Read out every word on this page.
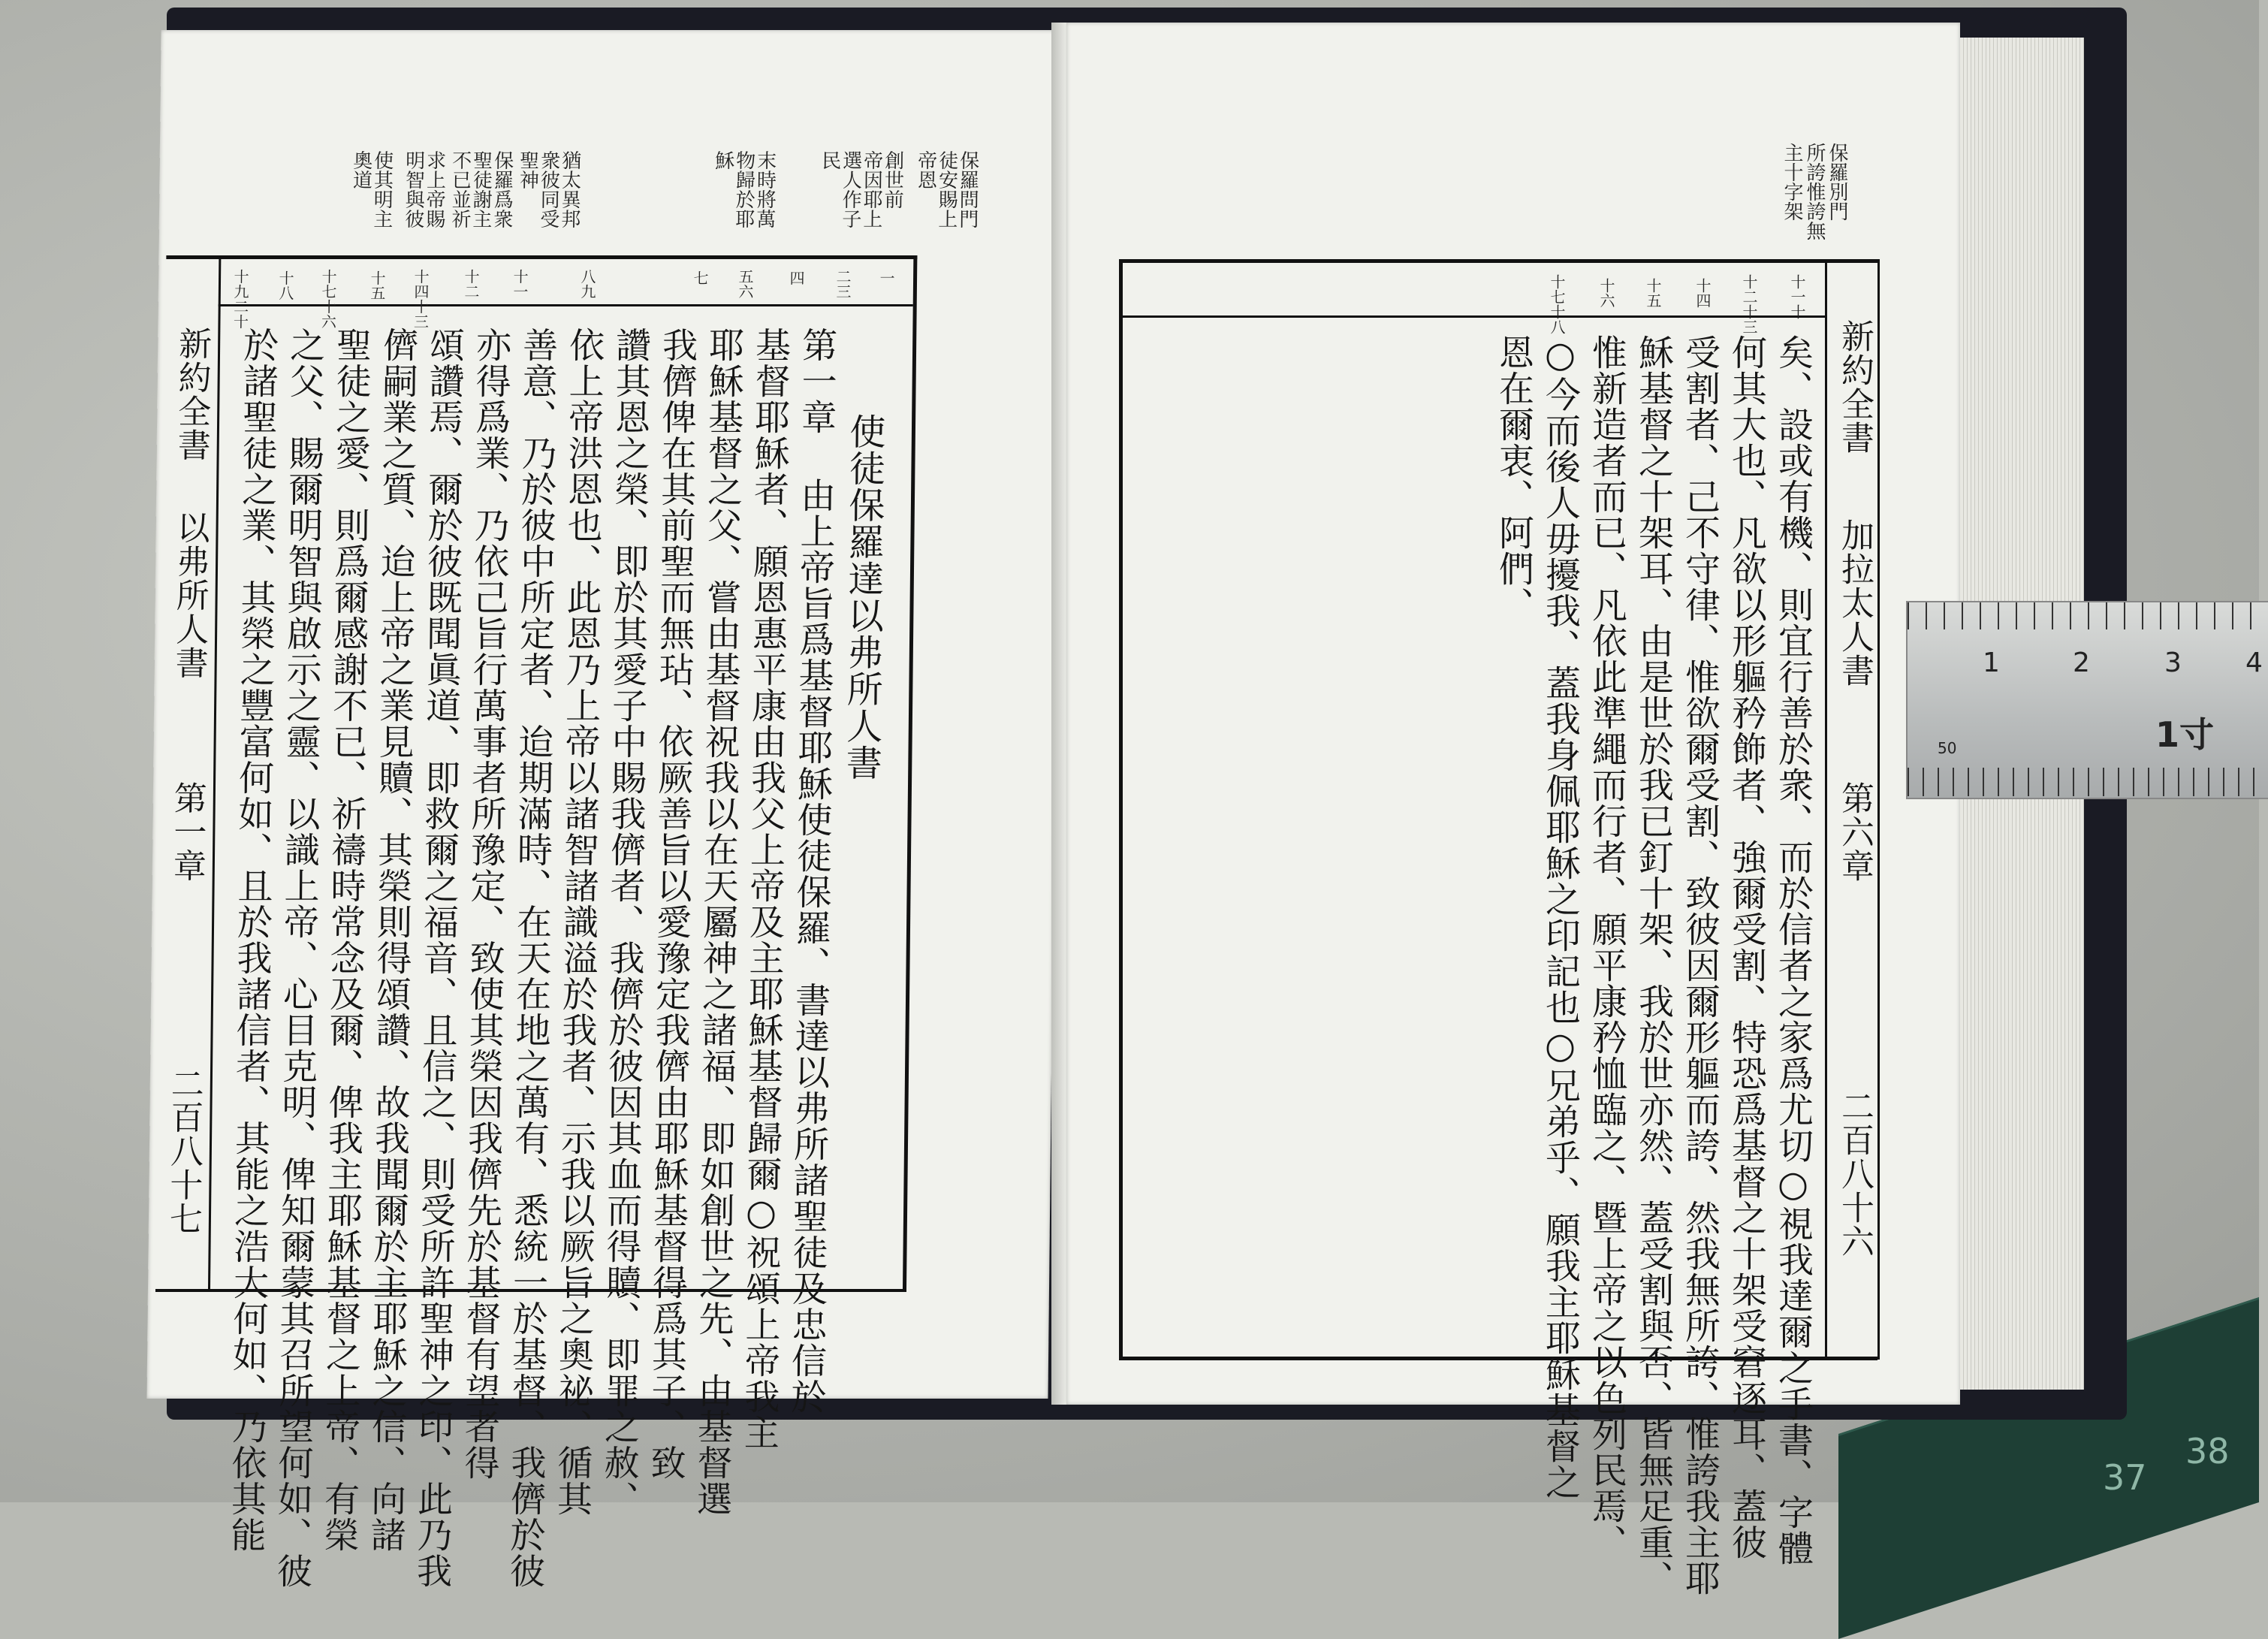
37
38
保羅問門
徒安賜上
帝恩
創世前
帝因耶上
選人作子
民
末時將萬
物歸於耶
穌
猶太異邦
衆彼同受
聖神
保羅爲衆
聖徒謝主
不已並祈
求上帝賜
明智與彼
使其明主
奧道
一
二三
四
五六
七
八九
十一
十二
十四十三
十五
十七十六
十八
十九二十
新約全書
以弗所人書
第一章
二百八十七
使徒保羅達以弗所人書
第一章 由上帝旨爲基督耶穌使徒保羅、書達以弗所諸聖徒及忠信於
基督耶穌者、願恩惠平康由我父上帝及主耶穌基督歸爾○祝頌上帝我主
耶穌基督之父、嘗由基督祝我以在天屬神之諸福、即如創世之先、由基督選
我儕俾在其前聖而無玷、依厥善旨以愛豫定我儕由耶穌基督得爲其子、致
讚其恩之榮、即於其愛子中賜我儕者、我儕於彼因其血而得贖、即罪之赦、
依上帝洪恩也、此恩乃上帝以諸智諸識溢於我者、示我以厥旨之奧祕、循其
善意、乃於彼中所定者、迨期滿時、在天在地之萬有、悉統一於基督、我儕於彼
亦得爲業、乃依己旨行萬事者所豫定、致使其榮因我儕先於基督有望者得
頌讚焉、爾於彼既聞眞道、即救爾之福音、且信之、則受所許聖神之印、此乃我
儕嗣業之質、迨上帝之業見贖、其榮則得頌讚、故我聞爾於主耶穌之信、向諸
聖徒之愛、則爲爾感謝不已、祈禱時常念及爾、俾我主耶穌基督之上帝、有榮
之父、賜爾明智與啟示之靈、以識上帝、心目克明、俾知爾蒙其召所望何如、彼
於諸聖徒之業、其榮之豐富何如、且於我諸信者、其能之浩大何如、乃依其能
保羅別門
所誇惟誇無
主十字架
十一十
十二十三
十四
十五
十六
十七十八
新約全書
加拉太人書
第六章
二百八十六
矣、設或有機、則宜行善於衆、而於信者之家爲尤切○視我達爾之手書、字體
何其大也、凡欲以形軀矜飾者、強爾受割、特恐爲基督之十架受窘逐耳、蓋彼
受割者、己不守律、惟欲爾受割、致彼因爾形軀而誇、然我無所誇、惟誇我主耶
穌基督之十架耳、由是世於我已釘十架、我於世亦然、蓋受割與否、皆無足重、
惟新造者而已、凡依此準繩而行者、願平康矜恤臨之、暨上帝之以色列民焉、
○今而後人毋擾我、蓋我身佩耶穌之印記也○兄弟乎、願我主耶穌基督之
恩在爾衷、阿們、
1	2	3 4
50	1寸
